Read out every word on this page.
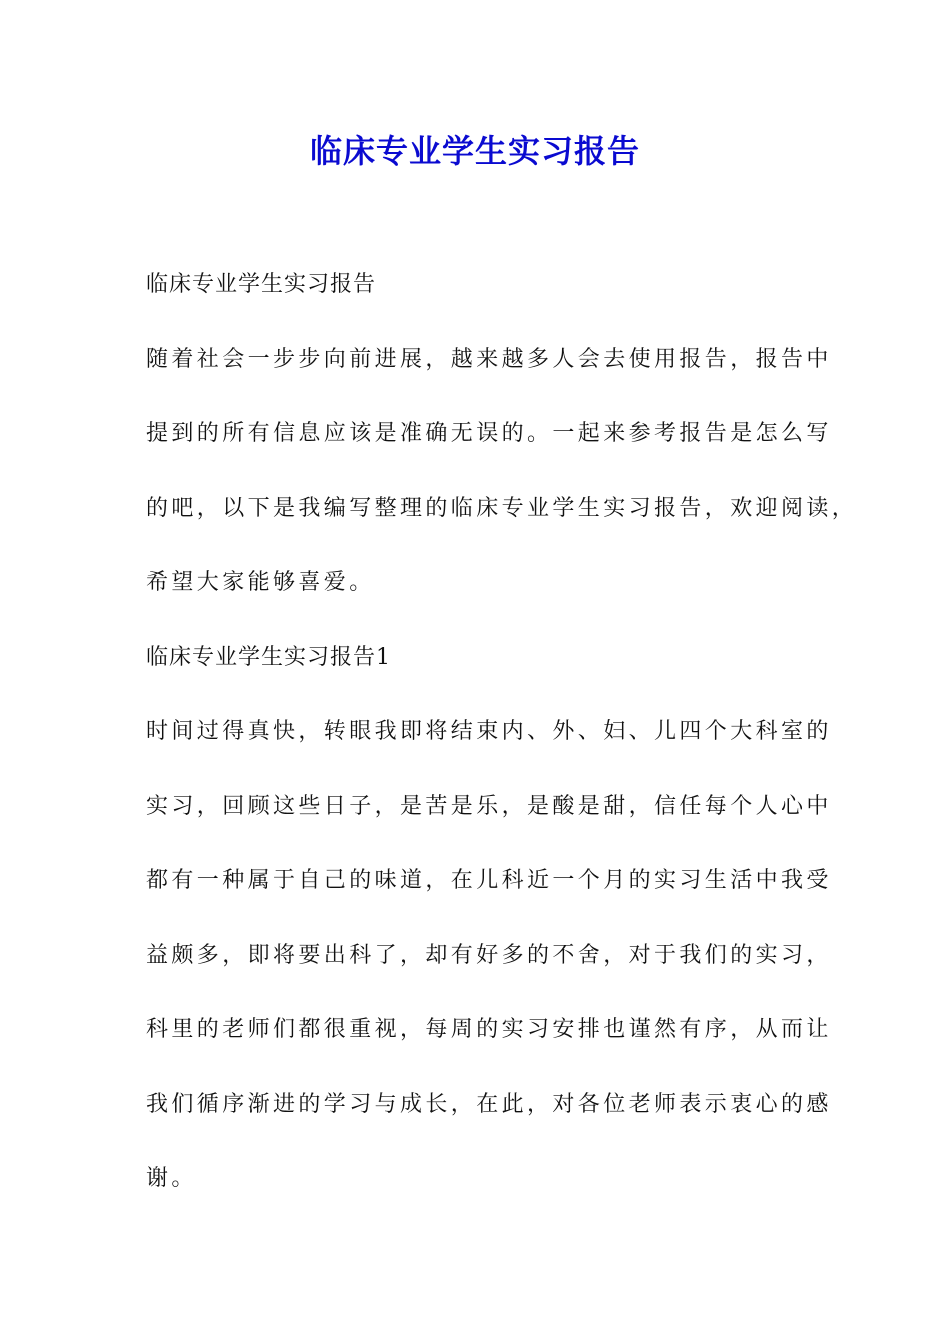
临床专业学生实习报告
临床专业学生实习报告
随着社会一步步向前进展，越来越多人会去使用报告，报告中
提到的所有信息应该是准确无误的。一起来参考报告是怎么写
的吧，以下是我编写整理的临床专业学生实习报告，欢迎阅读，
希望大家能够喜爱。
临床专业学生实习报告1
时间过得真快，转眼我即将结束内、外、妇、儿四个大科室的
实习，回顾这些日子，是苦是乐，是酸是甜，信任每个人心中
都有一种属于自己的味道，在儿科近一个月的实习生活中我受
益颇多，即将要出科了，却有好多的不舍，对于我们的实习，
科里的老师们都很重视，每周的实习安排也谨然有序，从而让
我们循序渐进的学习与成长，在此，对各位老师表示衷心的感
谢。
